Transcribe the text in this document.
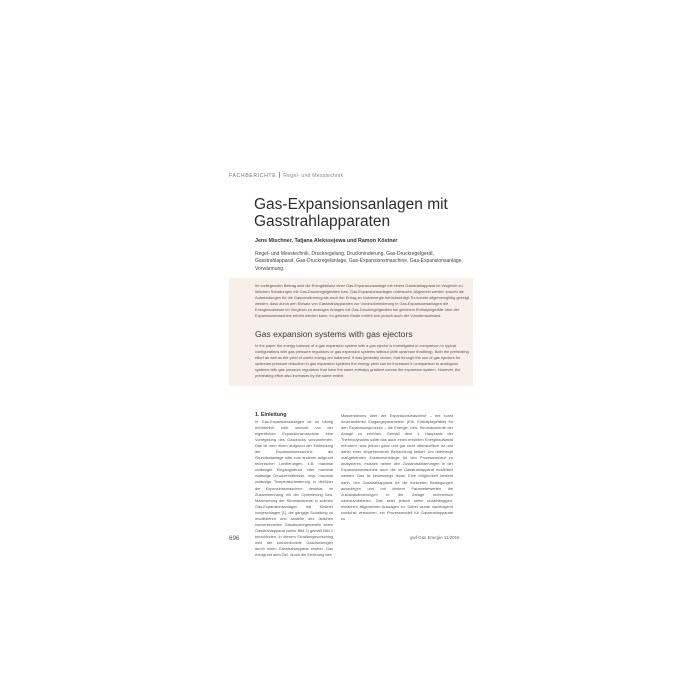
FACHBERICHTE Regel- und Messtechnik
Gas-Expansionsanlagen mit Gasstrahlapparaten
Jens Mischner, Tatjana Alekssejewa und Ramon Köstner
Regel- und Messtechnik, Druckregelung, Druckminderung, Gas-Druckregelgerät, Gasstrahlapparat, Gas-Druckregelanlage, Gas-Expansionsmaschine, Gas-Expansionsanlage, Vorwärmung.

Im vorliegenden Beitrag wird die Energiebilanz einer Gas-Expansionsanlage mit einem Gasstrahlapparat im Vergleich zu üblichen Schaltungen mit Gas-Druckregelgeräten bzw. Gas-Expansionsanlagen untersucht. Allgemein werden sowohl die Aufwendungen für die Gasvorwärmung als auch der Ertrag an Nutzenergie berücksichtigt. Es konnte allgemeingültig gezeigt werden, dass durch den Einsatz von Gasstrahlapparaten zur Vordruckminderung in Gas-Expansionsanlagen die Energieausbeute im Vergleich zu analogen Anlagen mit Gas-Druckregelgeräten bei gleichem Enthalpiegefälle über der Expansionsmaschine erhöht werden kann. Im gleichen Maße erhöht sich jedoch auch der Vorwärmaufwand.

Gas expansion systems with gas ejectors

In the paper the energy balance of a gas expansion system with a gas ejector is investigated in comparison to typical configurations with gas pressure regulators or gas expansion systems without (with upstream throttling). Both the preheating effort as well as the yield of useful energy are balanced. It was generally shown, that through the use of gas ejectors for upstream pressure reduction in gas expansion systems the energy yield can be increased in comparison to analogous systems with gas pressure regulators that have the same enthalpy gradient across the expansion system. However, the preheating effort also increases by the same extent.

1. Einleitung

In Gas-Expansionsanlagen ist es häufig erforderlich oder sinnvoll, vor der eigentlichen Expansionsmaschine eine Vorregelung des Gasdrucks vorzunehmen. Das ist zum einen aufgrund der Einbindung der Expansionsmaschine als Grundlastanlage oder zum anderen aufgrund technischer Limitierungen, z.B. maximal zulässiger Eingangsdruck oder maximal zulässige Druckverhältnisse, resp. maximal zulässige Temperaturänderung in der/über der Expansionsmaschine, denkbar. Im Zusammenhang mit der Optimierung bzw. Maximierung der Stromausbeute in solchen Gas-Expansionsanlagen hat Köstner vorgeschlagen [1], die gängige Schaltung zu modifizieren und anstelle des üblichen konventionellen Gasdruckregelventils einen Gasstrahlapparat (siehe Bild 2) gemäß Bild 1 einzubinden. In diesem Schaltungsvorschlag wird der konventionelle Gasdruckregler durch einen Gasstrahlapparat ersetzt. Gas erfolgt mit dem Ziel, durch die Erhöhung des

Massenstroms über der Expansionsmaschine – bei sonst unveränderten Eingangsparametern (Eth, Enthalpiegefälle) für den Expansionsprozess – die Energie- bzw. Stromausbeute der Anlage zu erhöhen. Gemäß dem 1. Hauptsatz der Thermodynamik sollte das auch einen erhöhten Energieaufwand erfordern, was jedoch ganz und gar nicht offensichtlich ist und daher einer eingehenderen Betrachtung bedarf. Um überhaupt maßgebenden Zusammenhänge für den Prozessverlauf zu analysieren, müssen neben den Zustandsänderungen in der Expansionsmaschine auch die im Gasstrahlapparat modelliert werden. Das ist keineswegs trivial. Eine Möglichkeit besteht darin, den Gasstrahlapparat für die konkreten Bedingungen auszulegen und mit diesem Parameterwerten die Zustandsänderungen in der Anlage rechnerisch nachzuvollziehen. Das setzt jedoch keine unabhängigen, einfachen allgemeinen Aussagen zu. Daher wurde nachfolgend zunächst versuchen, ein Prozessmodell für Gasstrahlapparate zu

696	gwf-Gas Energie 11/2016
